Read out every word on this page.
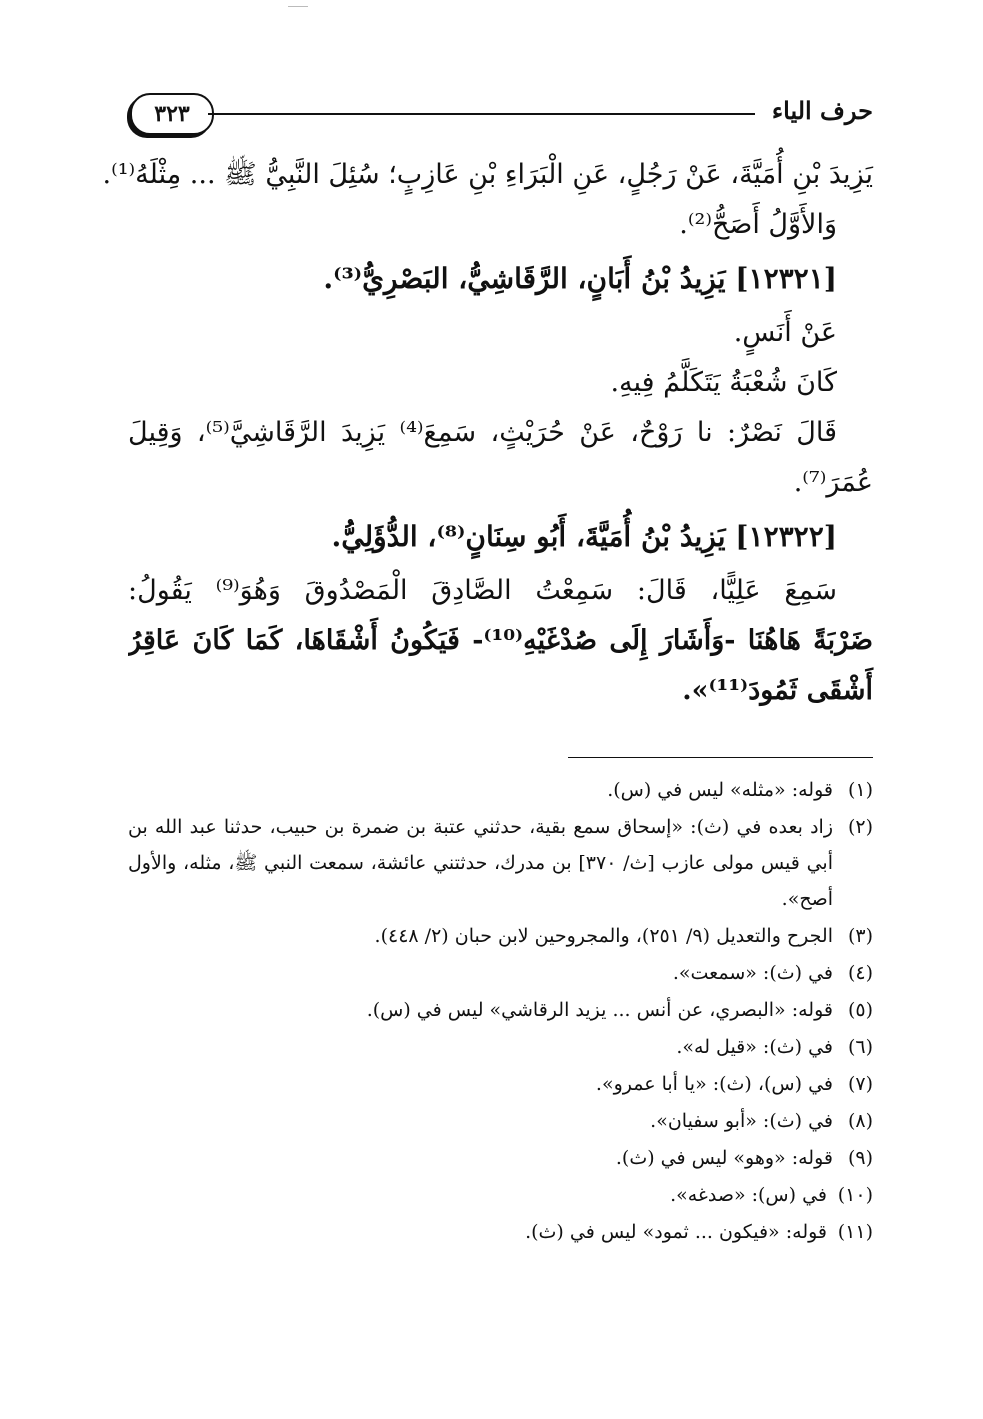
٣٢٣	حرف الياء
يَزِيدَ بْنِ أُمَيَّةَ، عَنْ رَجُلٍ، عَنِ الْبَرَاءِ بْنِ عَازِبٍ؛ سُئِلَ النَّبِيُّ ﷺ ... مِثْلَهُ⁽¹⁾.
وَالأَوَّلُ أَصَحُّ⁽²⁾.
[١٢٣٢١] يَزِيدُ بْنُ أَبَانٍ، الرَّقَاشِيُّ، البَصْرِيُّ⁽³⁾.
عَنْ أَنَسٍ.
كَانَ شُعْبَةُ يَتَكَلَّمُ فِيهِ.
قَالَ نَصْرٌ: نا رَوْحٌ، عَنْ حُرَيْثٍ، سَمِعَ⁽⁴⁾ يَزِيدَ الرَّقَاشِيَّ⁽⁵⁾، وَقِيلَ
عُمَرَ⁽⁷⁾.
[١٢٣٢٢] يَزِيدُ بْنُ أُمَيَّةَ، أَبُو سِنَانٍ⁽⁸⁾، الدُّؤَلِيُّ.
سَمِعَ عَلِيًّا، قَالَ: سَمِعْتُ الصَّادِقَ الْمَصْدُوقَ وَهُوَ⁽⁹⁾ يَقُولُ:
ضَرْبَةً هَاهُنَا -وَأَشَارَ إِلَى صُدْغَيْهِ⁽¹⁰⁾- فَيَكُونُ أَشْقَاهَا، كَمَا كَانَ عَاقِرُ
أَشْقَى ثَمُودَ⁽¹¹⁾».
(١)
قوله: «مثله» ليس في (س).
(٢)
زاد بعده في (ث): «إسحاق سمع بقية، حدثني عتبة بن ضمرة بن حبيب، حدثنا عبد الله بن أبي قيس مولى عازب [ث/ ٣٧٠] بن مدرك، حدثتني عائشة، سمعت النبي ﷺ، مثله، والأول أصح».
(٣)
الجرح والتعديل (٩/ ٢٥١)، والمجروحين لابن حبان (٢/ ٤٤٨).
(٤)
في (ث): «سمعت».
(٥)
قوله: «البصري، عن أنس ... يزيد الرقاشي» ليس في (س).
(٦)
في (ث): «قيل له».
(٧)
في (س)، (ث): «يا أبا عمرو».
(٨)
في (ث): «أبو سفيان».
(٩)
قوله: «وهو» ليس في (ث).
(١٠)
في (س): «صدغه».
(١١)
قوله: «فيكون ... ثمود» ليس في (ث).
